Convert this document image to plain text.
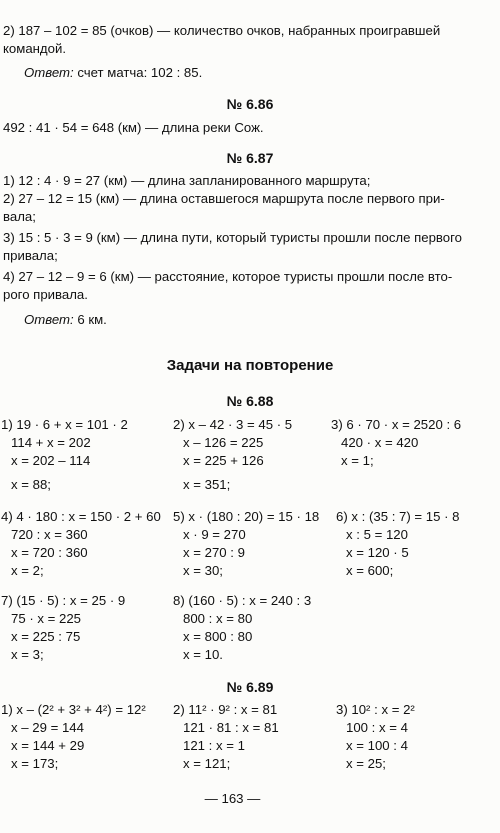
2) 187 – 102 = 85 (очков) — количество очков, набранных проигравшей
командой.
Ответ: счет матча: 102 : 85.
№ 6.86
492 : 41 · 54 = 648 (км) — длина реки Сож.
№ 6.87
1) 12 : 4 · 9 = 27 (км) — длина запланированного маршрута;
2) 27 – 12 = 15 (км) — длина оставшегося маршрута после первого при-
вала;
3) 15 : 5 · 3 = 9 (км) — длина пути, который туристы прошли после первого
привала;
4) 27 – 12 – 9 = 6 (км) — расстояние, которое туристы прошли после вто-
рого привала.
Ответ: 6 км.
Задачи на повторение
№ 6.88
1) 19 · 6 + x = 101 · 2
114 + x = 202
x = 202 – 114
x = 88;
2) x – 42 · 3 = 45 · 5
x – 126 = 225
x = 225 + 126
x = 351;
3) 6 · 70 · x = 2520 : 6
420 · x = 420
x = 1;
4) 4 · 180 : x = 150 · 2 + 60
720 : x = 360
x = 720 : 360
x = 2;
5) x · (180 : 20) = 15 · 18
x · 9 = 270
x = 270 : 9
x = 30;
6) x : (35 : 7) = 15 · 8
x : 5 = 120
x = 120 · 5
x = 600;
7) (15 · 5) : x = 25 · 9
75 · x = 225
x = 225 : 75
x = 3;
8) (160 · 5) : x = 240 : 3
800 : x = 80
x = 800 : 80
x = 10.
№ 6.89
1) x – (2² + 3² + 4²) = 12²
x – 29 = 144
x = 144 + 29
x = 173;
2) 11² · 9² : x = 81
121 · 81 : x = 81
121 : x = 1
x = 121;
3) 10² : x = 2²
100 : x = 4
x = 100 : 4
x = 25;
— 163 —
